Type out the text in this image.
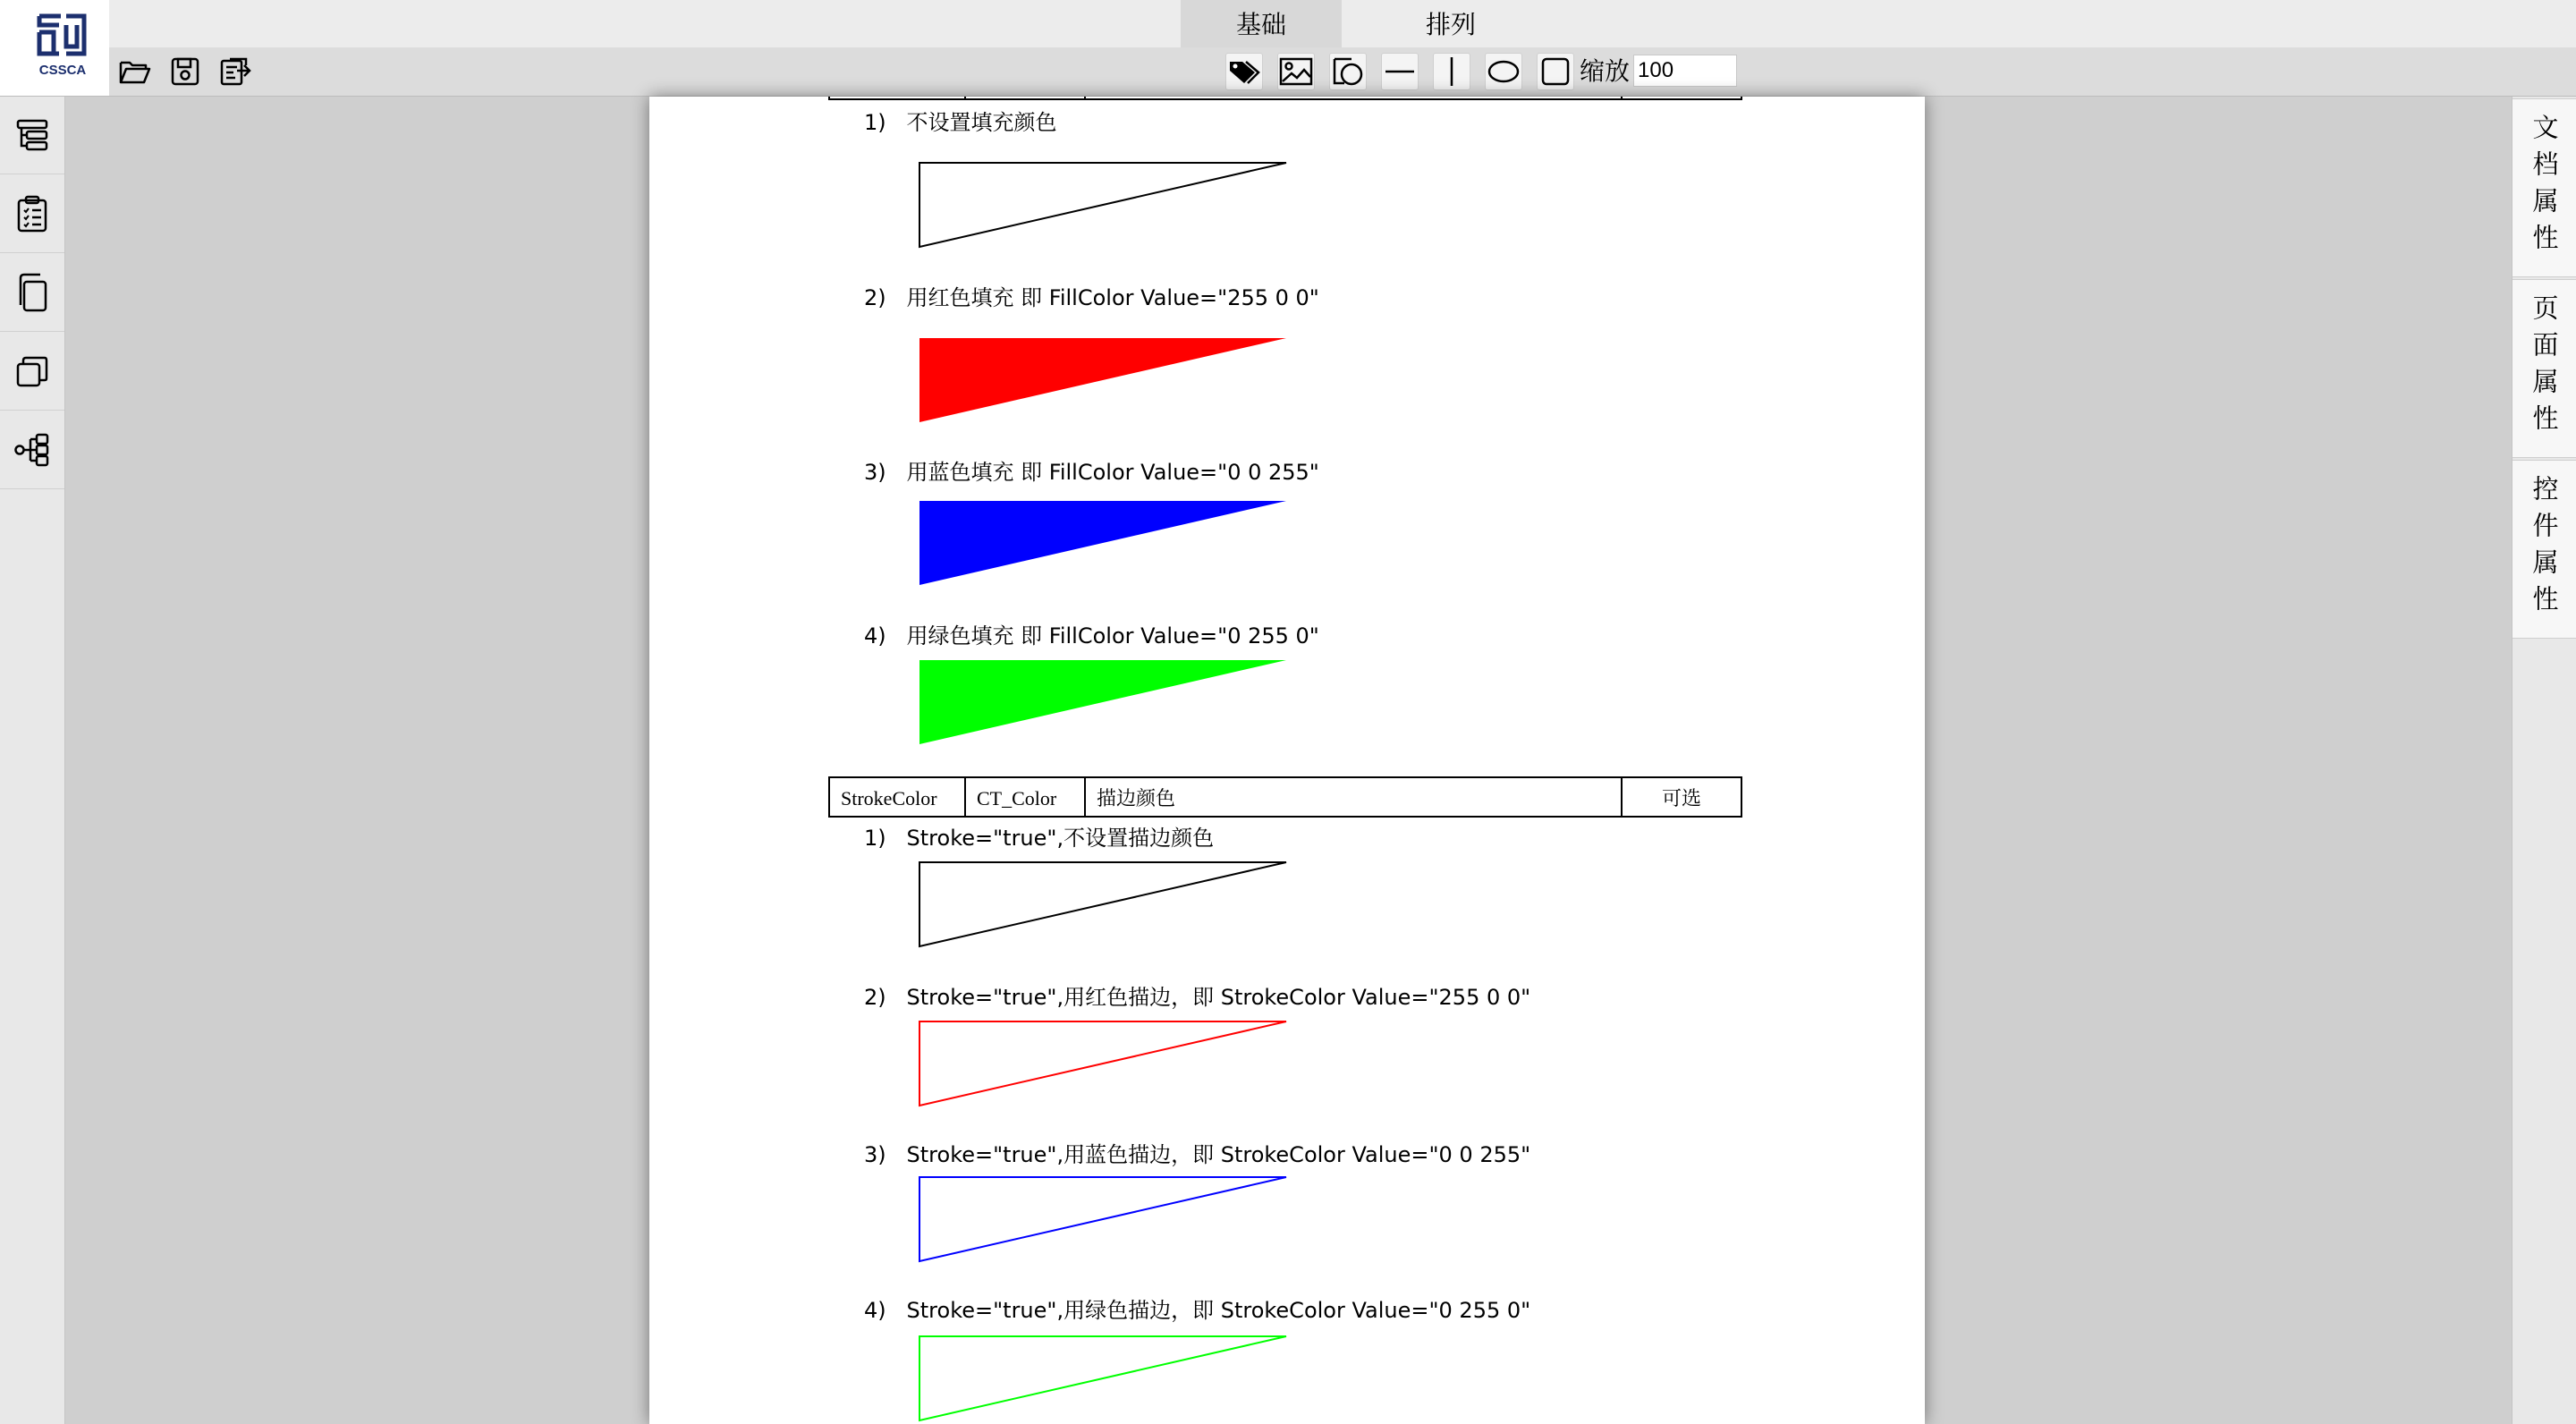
CSSCA
基础	排列
缩放 100
文档属性
页面属性
控件属性
1) 不设置填充颜色
2) 用红色填充 即 FillColor Value="255 0 0"
3) 用蓝色填充 即 FillColor Value="0 0 255"
4) 用绿色填充 即 FillColor Value="0 255 0"
StrokeColor	CT_Color	描边颜色	可选
1) Stroke="true",不设置描边颜色
2) Stroke="true",用红色描边，即 StrokeColor Value="255 0 0"
3) Stroke="true",用蓝色描边，即 StrokeColor Value="0 0 255"
4) Stroke="true",用绿色描边，即 StrokeColor Value="0 255 0"
